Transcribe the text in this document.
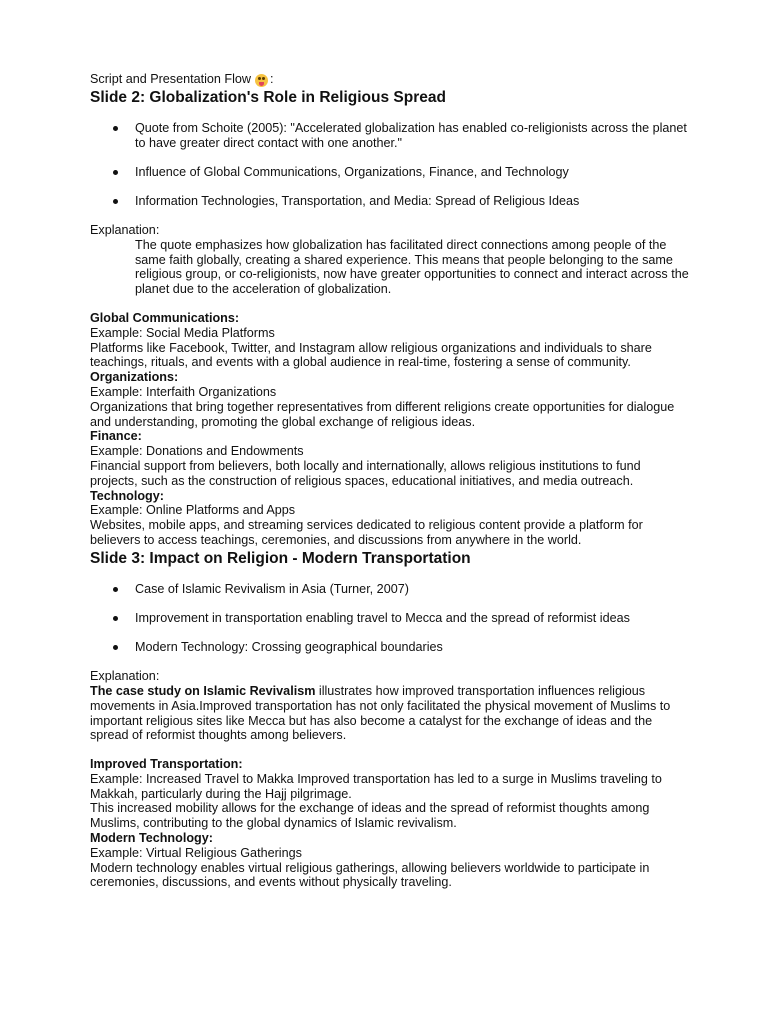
Script and Presentation Flow :
Slide 2: Globalization's Role in Religious Spread
Quote from Schoite (2005): "Accelerated globalization has enabled co-religionists across the planet to have greater direct contact with one another."
Influence of Global Communications, Organizations, Finance, and Technology
Information Technologies, Transportation, and Media: Spread of Religious Ideas

Explanation:

The quote emphasizes how globalization has facilitated direct connections among people of the same faith globally, creating a shared experience. This means that people belonging to the same religious group, or co-religionists, now have greater opportunities to connect and interact across the planet due to the acceleration of globalization.

Global Communications:

Example: Social Media Platforms

Platforms like Facebook, Twitter, and Instagram allow religious organizations and individuals to share teachings, rituals, and events with a global audience in real-time, fostering a sense of community.

Organizations:

Example: Interfaith Organizations

Organizations that bring together representatives from different religions create opportunities for dialogue and understanding, promoting the global exchange of religious ideas.

Finance:

Example: Donations and Endowments

Financial support from believers, both locally and internationally, allows religious institutions to fund projects, such as the construction of religious spaces, educational initiatives, and media outreach.

Technology:

Example: Online Platforms and Apps

Websites, mobile apps, and streaming services dedicated to religious content provide a platform for believers to access teachings, ceremonies, and discussions from anywhere in the world.

Slide 3: Impact on Religion - Modern Transportation
Case of Islamic Revivalism in Asia (Turner, 2007)
Improvement in transportation enabling travel to Mecca and the spread of reformist ideas
Modern Technology: Crossing geographical boundaries

Explanation:

The case study on Islamic Revivalism illustrates how improved transportation influences religious movements in Asia.Improved transportation has not only facilitated the physical movement of Muslims to important religious sites like Mecca but has also become a catalyst for the exchange of ideas and the spread of reformist thoughts among believers.

Improved Transportation:

Example: Increased Travel to Makka Improved transportation has led to a surge in Muslims traveling to Makkah, particularly during the Hajj pilgrimage.

This increased mobility allows for the exchange of ideas and the spread of reformist thoughts among Muslims, contributing to the global dynamics of Islamic revivalism.

Modern Technology:

Example: Virtual Religious Gatherings

Modern technology enables virtual religious gatherings, allowing believers worldwide to participate in ceremonies, discussions, and events without physically traveling.
